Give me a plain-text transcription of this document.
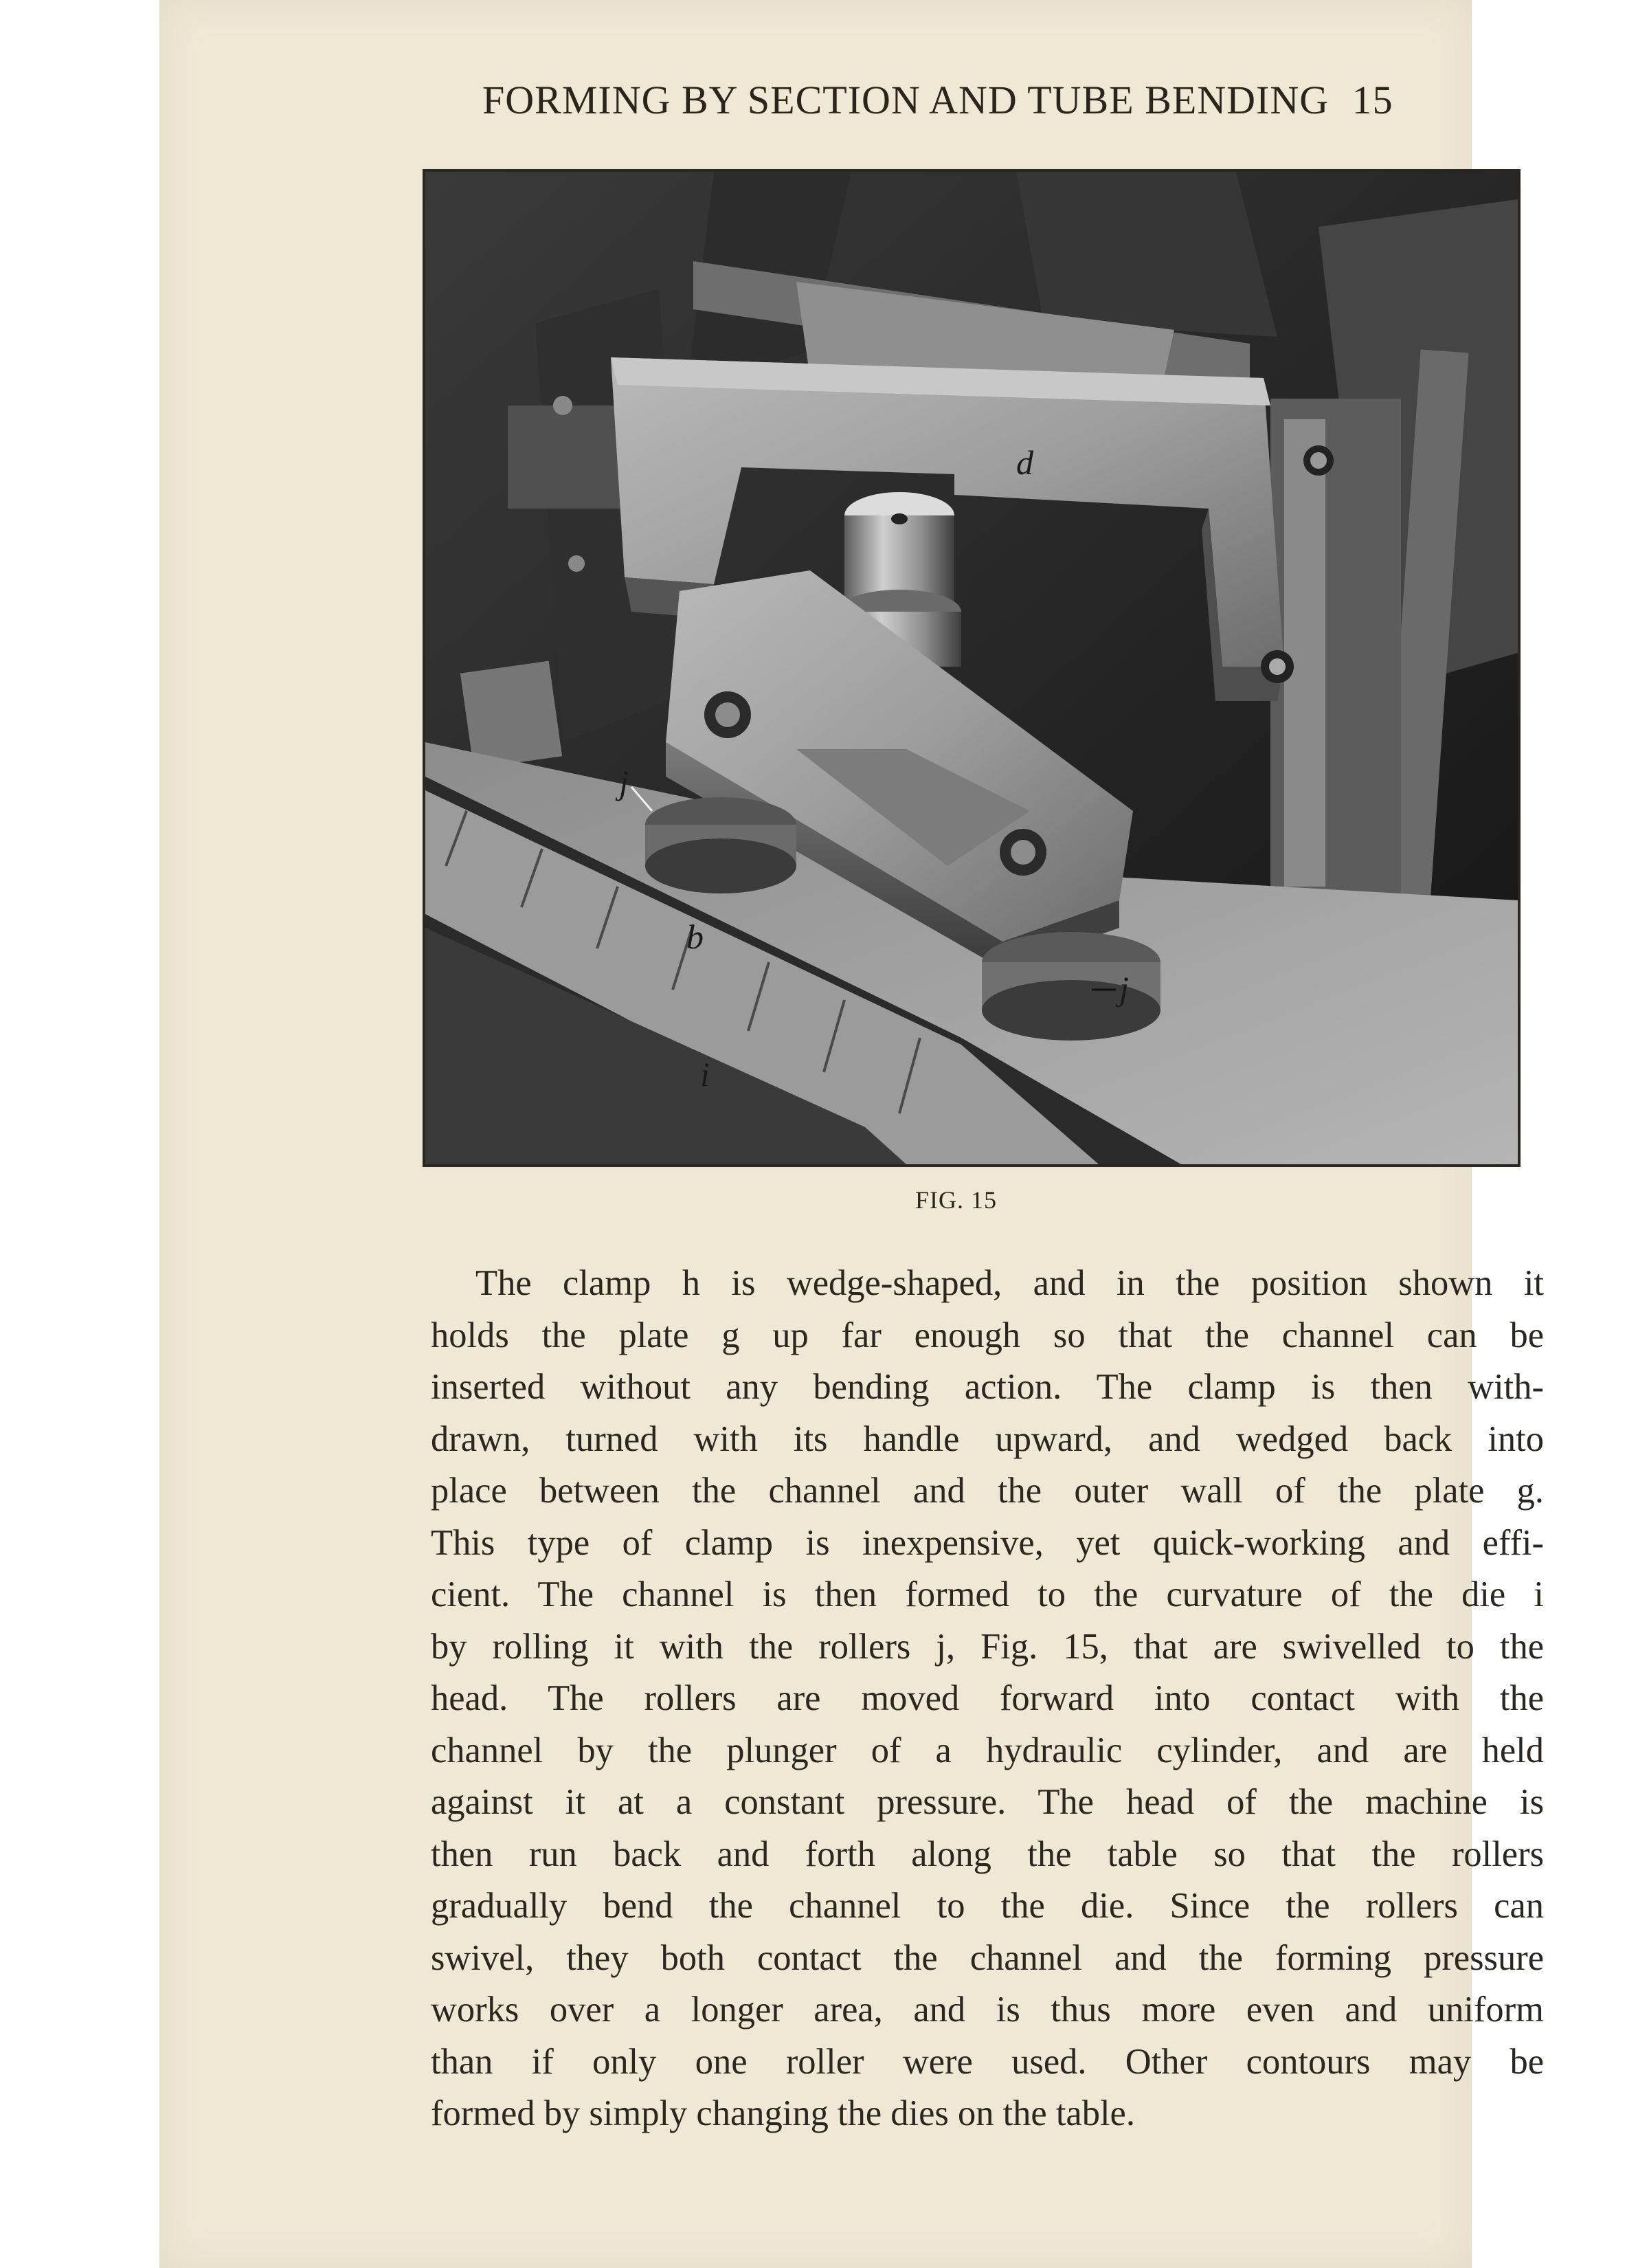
FORMING BY SECTION AND TUBE BENDING 15
d
j
b
j
i
FIG. 15
The clamp h is wedge-shaped, and in the position shown it
holds the plate g up far enough so that the channel can be
inserted without any bending action. The clamp is then with-
drawn, turned with its handle upward, and wedged back into
place between the channel and the outer wall of the plate g.
This type of clamp is inexpensive, yet quick-working and effi-
cient. The channel is then formed to the curvature of the die i
by rolling it with the rollers j, Fig. 15, that are swivelled to the
head. The rollers are moved forward into contact with the
channel by the plunger of a hydraulic cylinder, and are held
against it at a constant pressure. The head of the machine is
then run back and forth along the table so that the rollers
gradually bend the channel to the die. Since the rollers can
swivel, they both contact the channel and the forming pressure
works over a longer area, and is thus more even and uniform
than if only one roller were used. Other contours may be
formed by simply changing the dies on the table.
